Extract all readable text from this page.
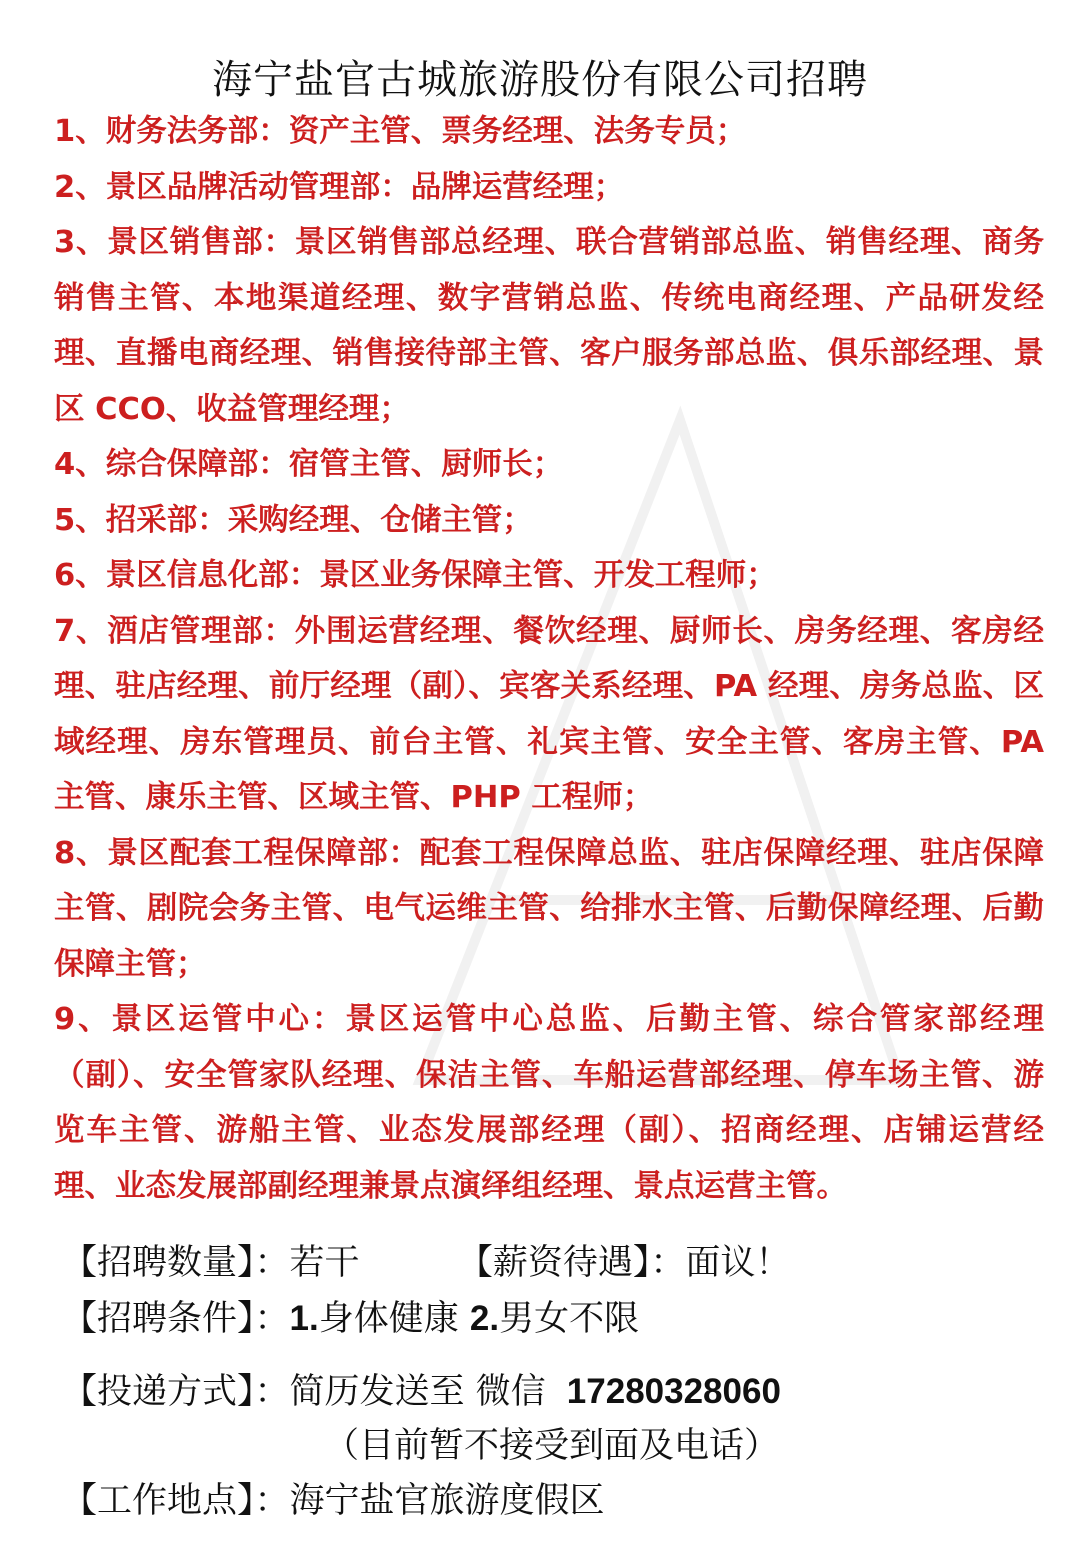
海宁盐官古城旅游股份有限公司招聘

1、财务法务部：资产主管、票务经理、法务专员；

2、景区品牌活动管理部：品牌运营经理；

3、景区销售部：景区销售部总经理、联合营销部总监、销售经理、商务销售主管、本地渠道经理、数字营销总监、传统电商经理、产品研发经理、直播电商经理、销售接待部主管、客户服务部总监、俱乐部经理、景区 CCO、收益管理经理；

4、综合保障部：宿管主管、厨师长；

5、招采部：采购经理、仓储主管；

6、景区信息化部：景区业务保障主管、开发工程师；

7、酒店管理部：外围运营经理、餐饮经理、厨师长、房务经理、客房经理、驻店经理、前厅经理（副）、宾客关系经理、PA 经理、房务总监、区域经理、房东管理员、前台主管、礼宾主管、安全主管、客房主管、PA 主管、康乐主管、区域主管、PHP 工程师；

8、景区配套工程保障部：配套工程保障总监、驻店保障经理、驻店保障主管、剧院会务主管、电气运维主管、给排水主管、后勤保障经理、后勤保障主管；

9、景区运管中心：景区运管中心总监、后勤主管、综合管家部经理（副）、安全管家队经理、保洁主管、车船运营部经理、停车场主管、游览车主管、游船主管、业态发展部经理（副）、招商经理、店铺运营经理、业态发展部副经理兼景点演绎组经理、景点运营主管。

【招聘数量】：若干	【薪资待遇】：面议！
【招聘条件】：1.身体健康 2.男女不限
【投递方式】：简历发送至 微信 17280328060
（目前暂不接受到面及电话）
【工作地点】：海宁盐官旅游度假区
